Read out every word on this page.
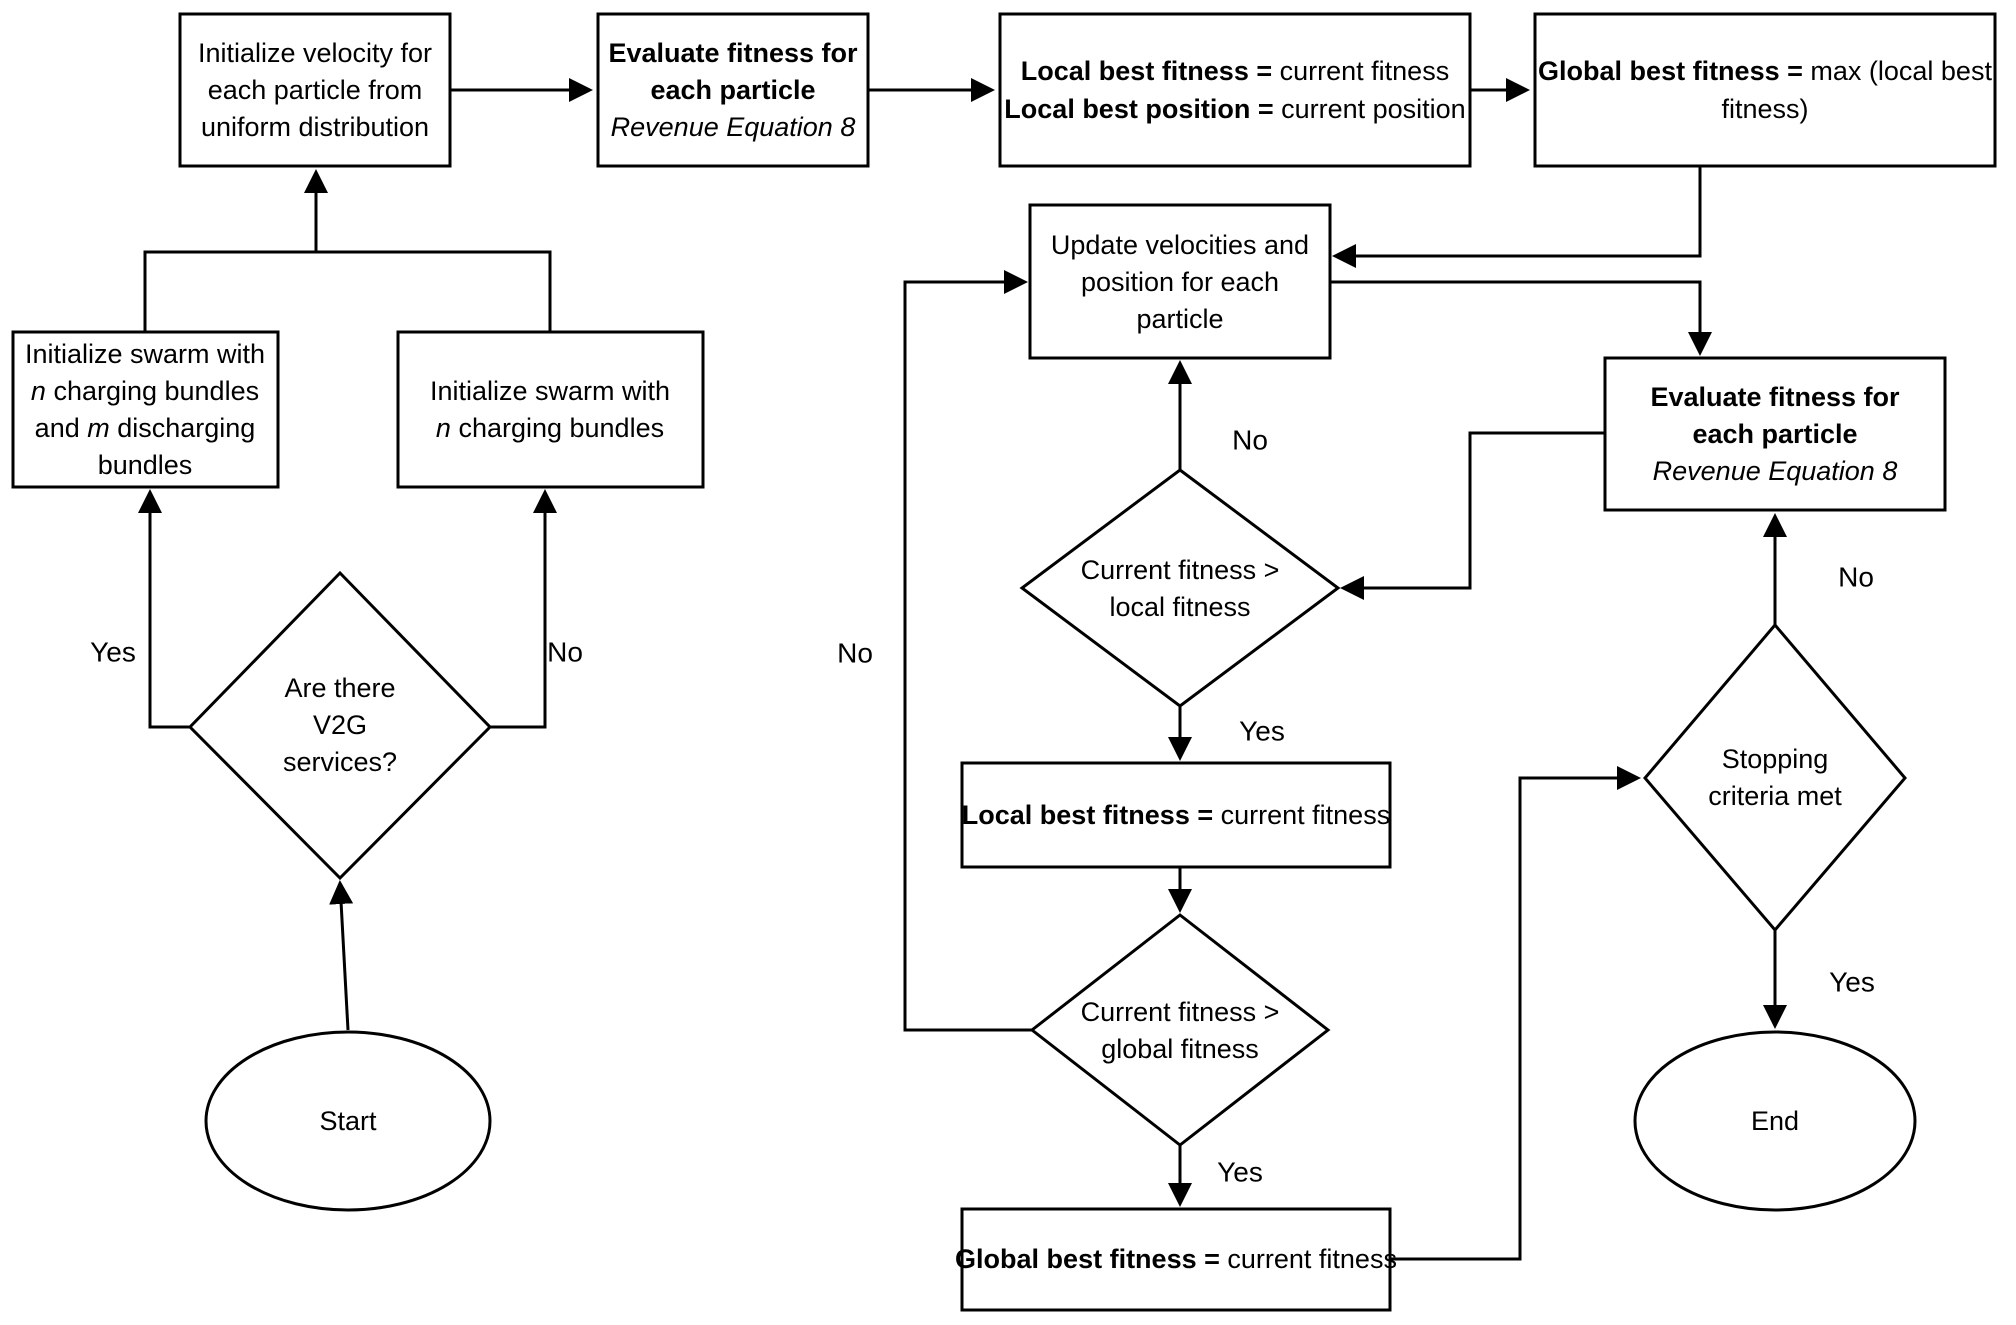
Initialize velocity for
each particle from
uniform distribution
Evaluate fitness for
each particle
Revenue Equation 8
Local best fitness = current fitness
Local best position = current position
Global best fitness = max (local best
fitness)
Initialize swarm with
n charging bundles
and m discharging
bundles
Initialize swarm with
n charging bundles
Update velocities and
position for each
particle
Evaluate fitness for
each particle
Revenue Equation 8
Local best fitness = current fitness
Global best fitness = current fitness
Are there
V2G
services?
Current fitness >
local fitness
Current fitness >
global fitness
Stopping
criteria met
Start	End
Yes	No
No
Yes
No
Yes
No
Yes
